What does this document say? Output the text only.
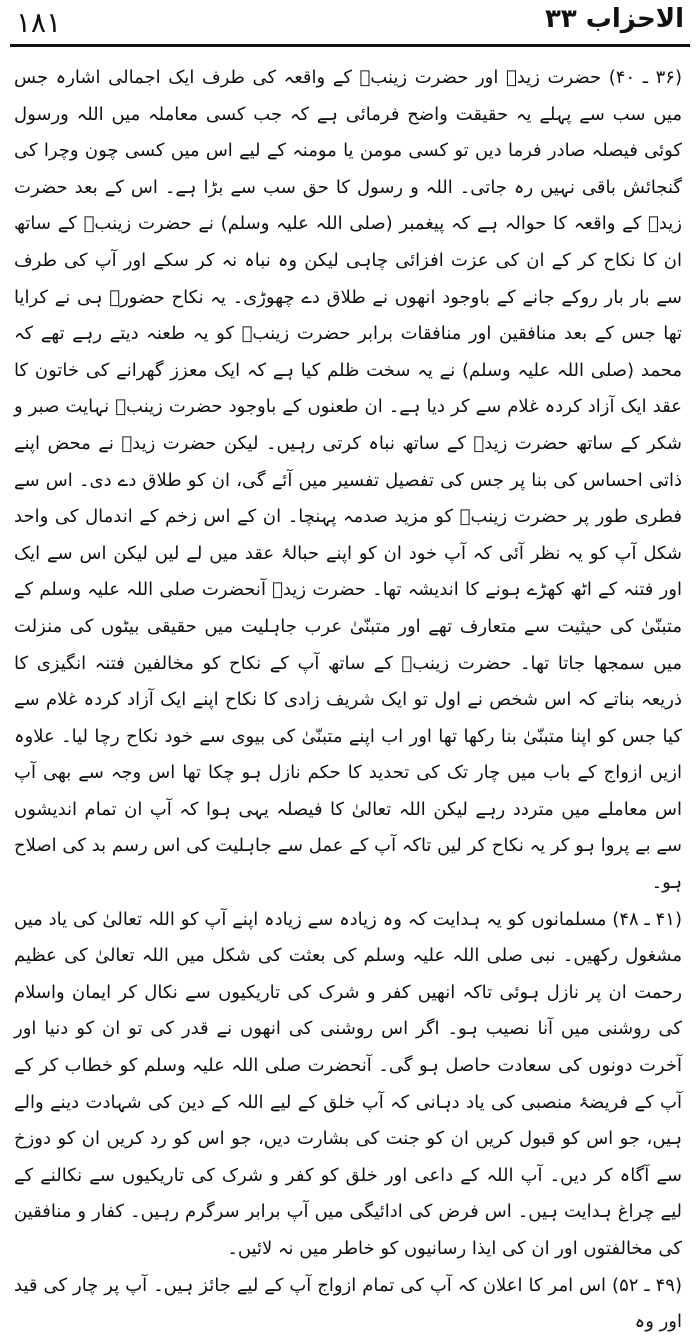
۱۸۱	الاحزاب ۳۳

(۳۶ ـ ۴۰) حضرت زیدؓ اور حضرت زینبؓ کے واقعہ کی طرف ایک اجمالی اشارہ جس میں سب سے پہلے یہ حقیقت واضح فرمائی ہے کہ جب کسی معاملہ میں اللہ ورسول کوئی فیصلہ صادر فرما دیں تو کسی مومن یا مومنہ کے لیے اس میں کسی چون وچرا کی گنجائش باقی نہیں رہ جاتی۔ اللہ و رسول کا حق سب سے بڑا ہے۔ اس کے بعد حضرت زیدؓ کے واقعہ کا حوالہ ہے کہ پیغمبر (صلی اللہ علیہ وسلم) نے حضرت زینبؓ کے ساتھ ان کا نکاح کر کے ان کی عزت افزائی چاہی لیکن وہ نباہ نہ کر سکے اور آپ کی طرف سے بار بار روکے جانے کے باوجود انھوں نے طلاق دے چھوڑی۔ یہ نکاح حضورؐ ہی نے کرایا تھا جس کے بعد منافقین اور منافقات برابر حضرت زینبؓ کو یہ طعنہ دیتے رہے تھے کہ محمد (صلی اللہ علیہ وسلم) نے یہ سخت ظلم کیا ہے کہ ایک معزز گھرانے کی خاتون کا عقد ایک آزاد کردہ غلام سے کر دیا ہے۔ ان طعنوں کے باوجود حضرت زینبؓ نہایت صبر و شکر کے ساتھ حضرت زیدؓ کے ساتھ نباہ کرتی رہیں۔ لیکن حضرت زیدؓ نے محض اپنے ذاتی احساس کی بنا پر جس کی تفصیل تفسیر میں آئے گی، ان کو طلاق دے دی۔ اس سے فطری طور پر حضرت زینبؓ کو مزید صدمہ پہنچا۔ ان کے اس زخم کے اندمال کی واحد شکل آپ کو یہ نظر آئی کہ آپ خود ان کو اپنے حبالۂ عقد میں لے لیں لیکن اس سے ایک اور فتنہ کے اٹھ کھڑے ہونے کا اندیشہ تھا۔ حضرت زیدؓ آنحضرت صلی اللہ علیہ وسلم کے متبنّیٰ کی حیثیت سے متعارف تھے اور متبنّیٰ عرب جاہلیت میں حقیقی بیٹوں کی منزلت میں سمجھا جاتا تھا۔ حضرت زینبؓ کے ساتھ آپ کے نکاح کو مخالفین فتنہ انگیزی کا ذریعہ بناتے کہ اس شخص نے اول تو ایک شریف زادی کا نکاح اپنے ایک آزاد کردہ غلام سے کیا جس کو اپنا متبنّیٰ بنا رکھا تھا اور اب اپنے متبنّیٰ کی بیوی سے خود نکاح رچا لیا۔ علاوہ ازیں ازواج کے باب میں چار تک کی تحدید کا حکم نازل ہو چکا تھا اس وجہ سے بھی آپ اس معاملے میں متردد رہے لیکن اللہ تعالیٰ کا فیصلہ یہی ہوا کہ آپ ان تمام اندیشوں سے بے پروا ہو کر یہ نکاح کر لیں تاکہ آپ کے عمل سے جاہلیت کی اس رسم بد کی اصلاح ہو۔

(۴۱ ـ ۴۸) مسلمانوں کو یہ ہدایت کہ وہ زیادہ سے زیادہ اپنے آپ کو اللہ تعالیٰ کی یاد میں مشغول رکھیں۔ نبی صلی اللہ علیہ وسلم کی بعثت کی شکل میں اللہ تعالیٰ کی عظیم رحمت ان پر نازل ہوئی تاکہ انھیں کفر و شرک کی تاریکیوں سے نکال کر ایمان واسلام کی روشنی میں آنا نصیب ہو۔ اگر اس روشنی کی انھوں نے قدر کی تو ان کو دنیا اور آخرت دونوں کی سعادت حاصل ہو گی۔ آنحضرت صلی اللہ علیہ وسلم کو خطاب کر کے آپ کے فریضۂ منصبی کی یاد دہانی کہ آپ خلق کے لیے اللہ کے دین کی شہادت دینے والے ہیں، جو اس کو قبول کریں ان کو جنت کی بشارت دیں، جو اس کو رد کریں ان کو دوزخ سے آگاہ کر دیں۔ آپ اللہ کے داعی اور خلق کو کفر و شرک کی تاریکیوں سے نکالنے کے لیے چراغ ہدایت ہیں۔ اس فرض کی ادائیگی میں آپ برابر سرگرم رہیں۔ کفار و منافقین کی مخالفتوں اور ان کی ایذا رسانیوں کو خاطر میں نہ لائیں۔

(۴۹ ـ ۵۲) اس امر کا اعلان کہ آپ کی تمام ازواج آپ کے لیے جائز ہیں۔ آپ پر چار کی قید اور وہ
